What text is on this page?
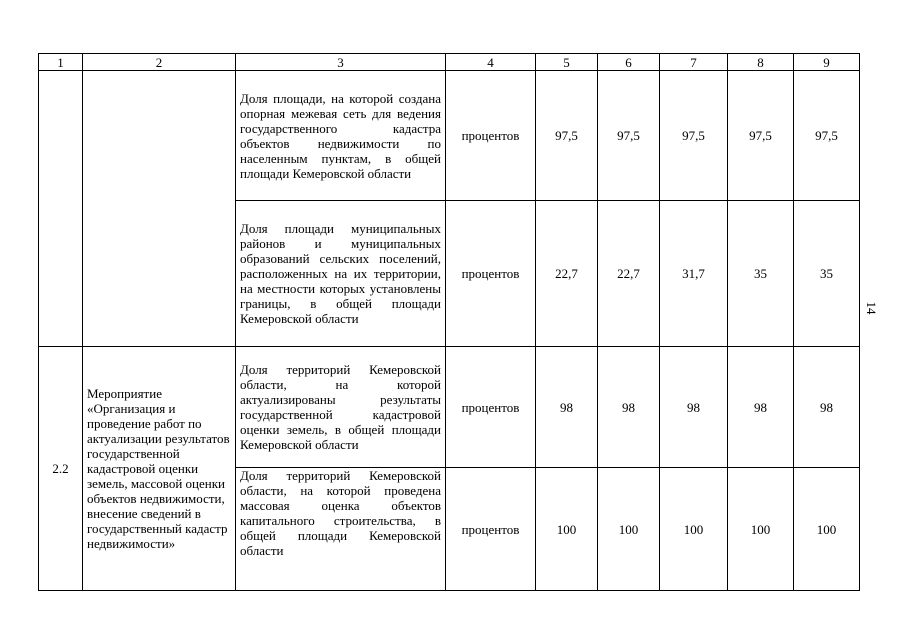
1	2	3	4	5	6	7	8	9
		Доля площади, на которой создана опорная межевая сеть для ведения государственного кадастра объектов недвижимости по населенным пунктам, в общей площади Кемеровской области	процентов	97,5	97,5	97,5	97,5	97,5
		Доля площади муниципальных районов и муниципальных образований сельских поселений, расположенных на их территории, на местности которых установлены границы, в общей площади Кемеровской области	процентов	22,7	22,7	31,7	35	35
2.2	Мероприятие «Организация и проведение работ по актуализации результатов государственной кадастровой оценки земель, массовой оценки объектов недвижимости, внесение сведений в государственный кадастр недвижимости»	Доля территорий Кемеровской области, на которой актуализированы результаты государственной кадастровой оценки земель, в общей площади Кемеровской области	процентов	98	98	98	98	98
		Доля территорий Кемеровской области, на которой проведена массовая оценка объектов капитального строительства, в общей площади Кемеровской области	процентов	100	100	100	100	100
14
